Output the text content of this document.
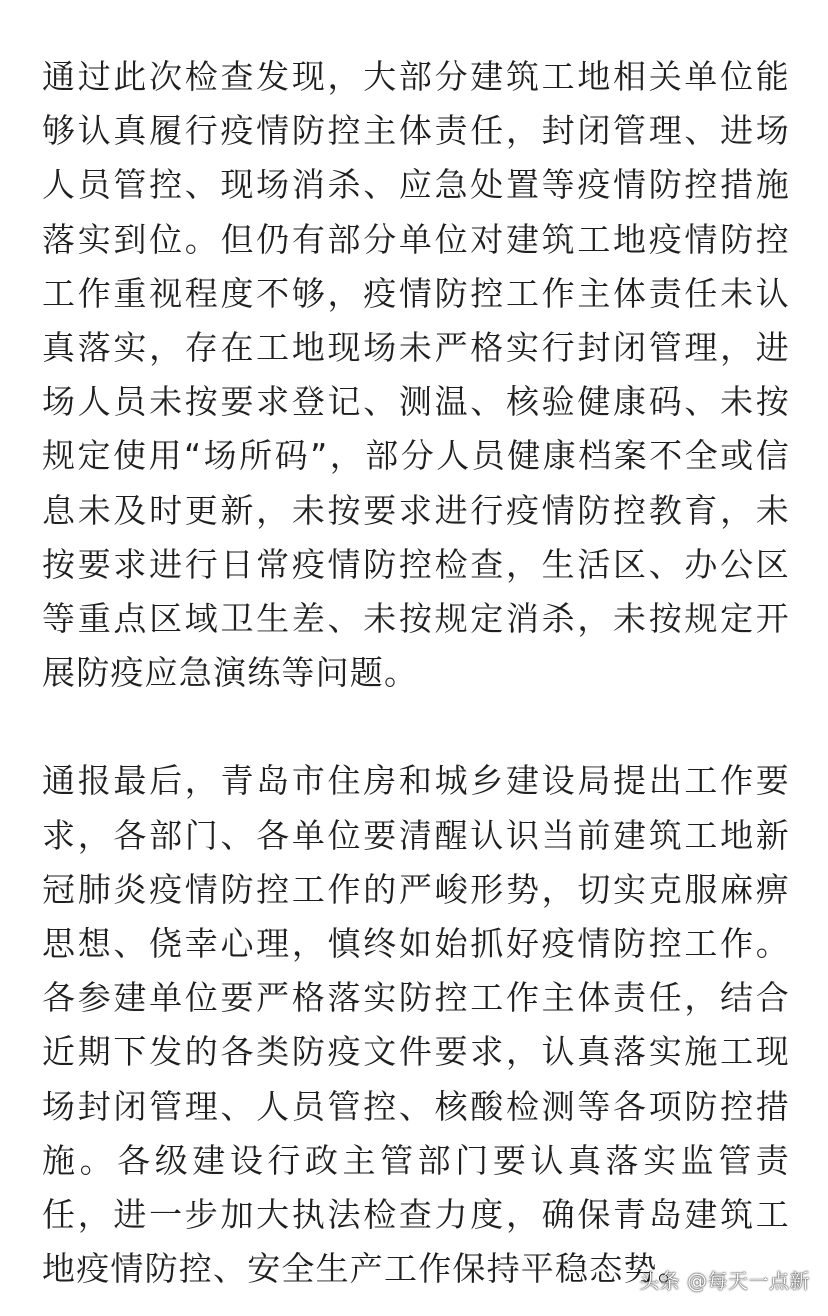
通过此次检查发现，大部分建筑工地相关单位能够认真履行疫情防控主体责任，封闭管理、进场人员管控、现场消杀、应急处置等疫情防控措施落实到位。但仍有部分单位对建筑工地疫情防控工作重视程度不够，疫情防控工作主体责任未认真落实，存在工地现场未严格实行封闭管理，进场人员未按要求登记、测温、核验健康码、未按规定使用“场所码”，部分人员健康档案不全或信息未及时更新，未按要求进行疫情防控教育，未按要求进行日常疫情防控检查，生活区、办公区等重点区域卫生差、未按规定消杀，未按规定开展防疫应急演练等问题。

通报最后，青岛市住房和城乡建设局提出工作要求，各部门、各单位要清醒认识当前建筑工地新冠肺炎疫情防控工作的严峻形势，切实克服麻痹思想、侥幸心理，慎终如始抓好疫情防控工作。各参建单位要严格落实防控工作主体责任，结合近期下发的各类防疫文件要求，认真落实施工现场封闭管理、人员管控、核酸检测等各项防控措施。各级建设行政主管部门要认真落实监管责任，进一步加大执法检查力度，确保青岛建筑工地疫情防控、安全生产工作保持平稳态势。

头条 @每天一点新
